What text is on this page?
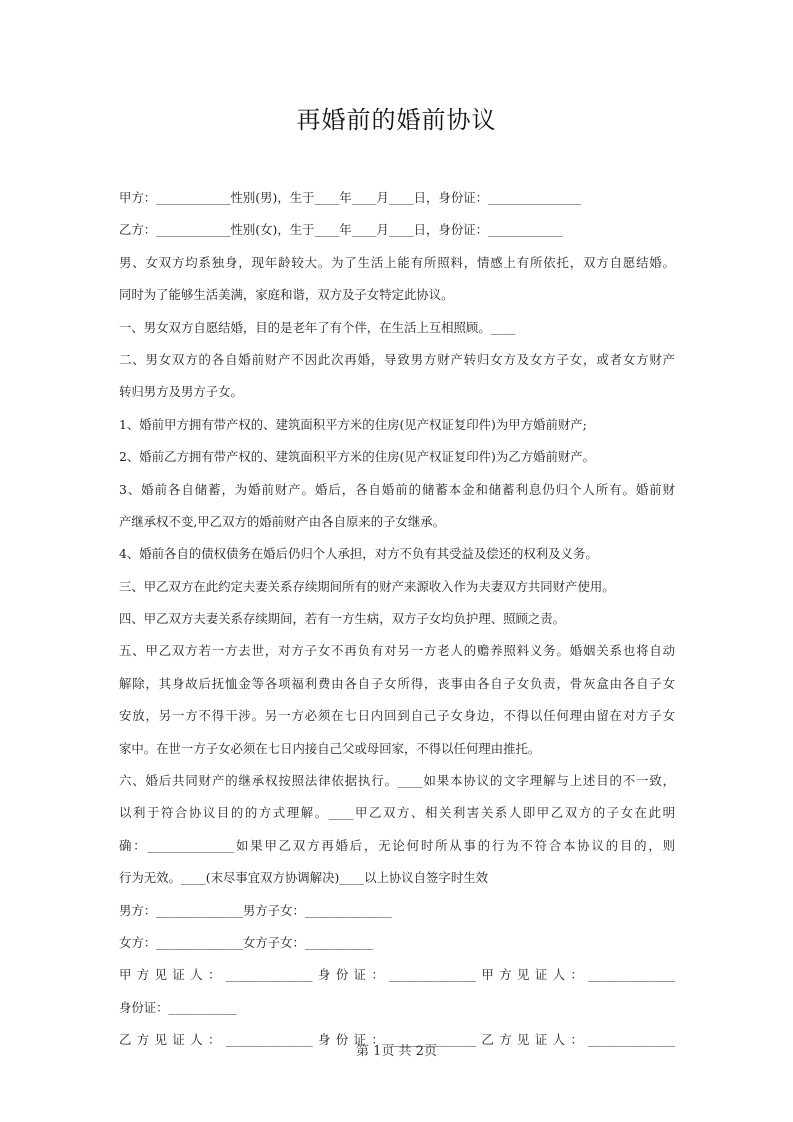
再婚前的婚前协议
甲方：____________性别(男)，生于____年____月____日，身份证：_______________
乙方：____________性别(女)，生于____年____月____日，身份证：____________
男、女双方均系独身，现年龄较大。为了生活上能有所照料，情感上有所依托，双方自愿结婚。
同时为了能够生活美满，家庭和谐，双方及子女特定此协议。
一、男女双方自愿结婚，目的是老年了有个伴，在生活上互相照顾。____
二、男女双方的各自婚前财产不因此次再婚，导致男方财产转归女方及女方子女，或者女方财产
转归男方及男方子女。
1、婚前甲方拥有带产权的、建筑面积平方米的住房(见产权证复印件)为甲方婚前财产;
2、婚前乙方拥有带产权的、建筑面积平方米的住房(见产权证复印件)为乙方婚前财产。
3、婚前各自储蓄，为婚前财产。婚后，各自婚前的储蓄本金和储蓄利息仍归个人所有。婚前财
产继承权不变,甲乙双方的婚前财产由各自原来的子女继承。
4、婚前各自的债权债务在婚后仍归个人承担，对方不负有其受益及偿还的权利及义务。
三、甲乙双方在此约定夫妻关系存续期间所有的财产来源收入作为夫妻双方共同财产使用。
四、甲乙双方夫妻关系存续期间，若有一方生病，双方子女均负护理、照顾之责。
五、甲乙双方若一方去世，对方子女不再负有对另一方老人的赡养照料义务。婚姻关系也将自动
解除，其身故后抚恤金等各项福利费由各自子女所得，丧事由各自子女负责，骨灰盒由各自子女
安放，另一方不得干涉。另一方必须在七日内回到自己子女身边，不得以任何理由留在对方子女
家中。在世一方子女必须在七日内接自己父或母回家，不得以任何理由推托。
六、婚后共同财产的继承权按照法律依据执行。____如果本协议的文字理解与上述目的不一致，
以利于符合协议目的的方式理解。____甲乙双方、相关利害关系人即甲乙双方的子女在此明
确：______________如果甲乙双方再婚后，无论何时所从事的行为不符合本协议的目的，则
行为无效。____(末尽事宜双方协调解决)____以上协议自签字时生效
男方：______________男方子女：______________
女方：______________女方子女：___________
甲方见证人：______________身份证：______________甲方见证人：______________
身份证：___________
乙方见证人：______________身份证：______________乙方见证人：______________
第 1页 共 2页
